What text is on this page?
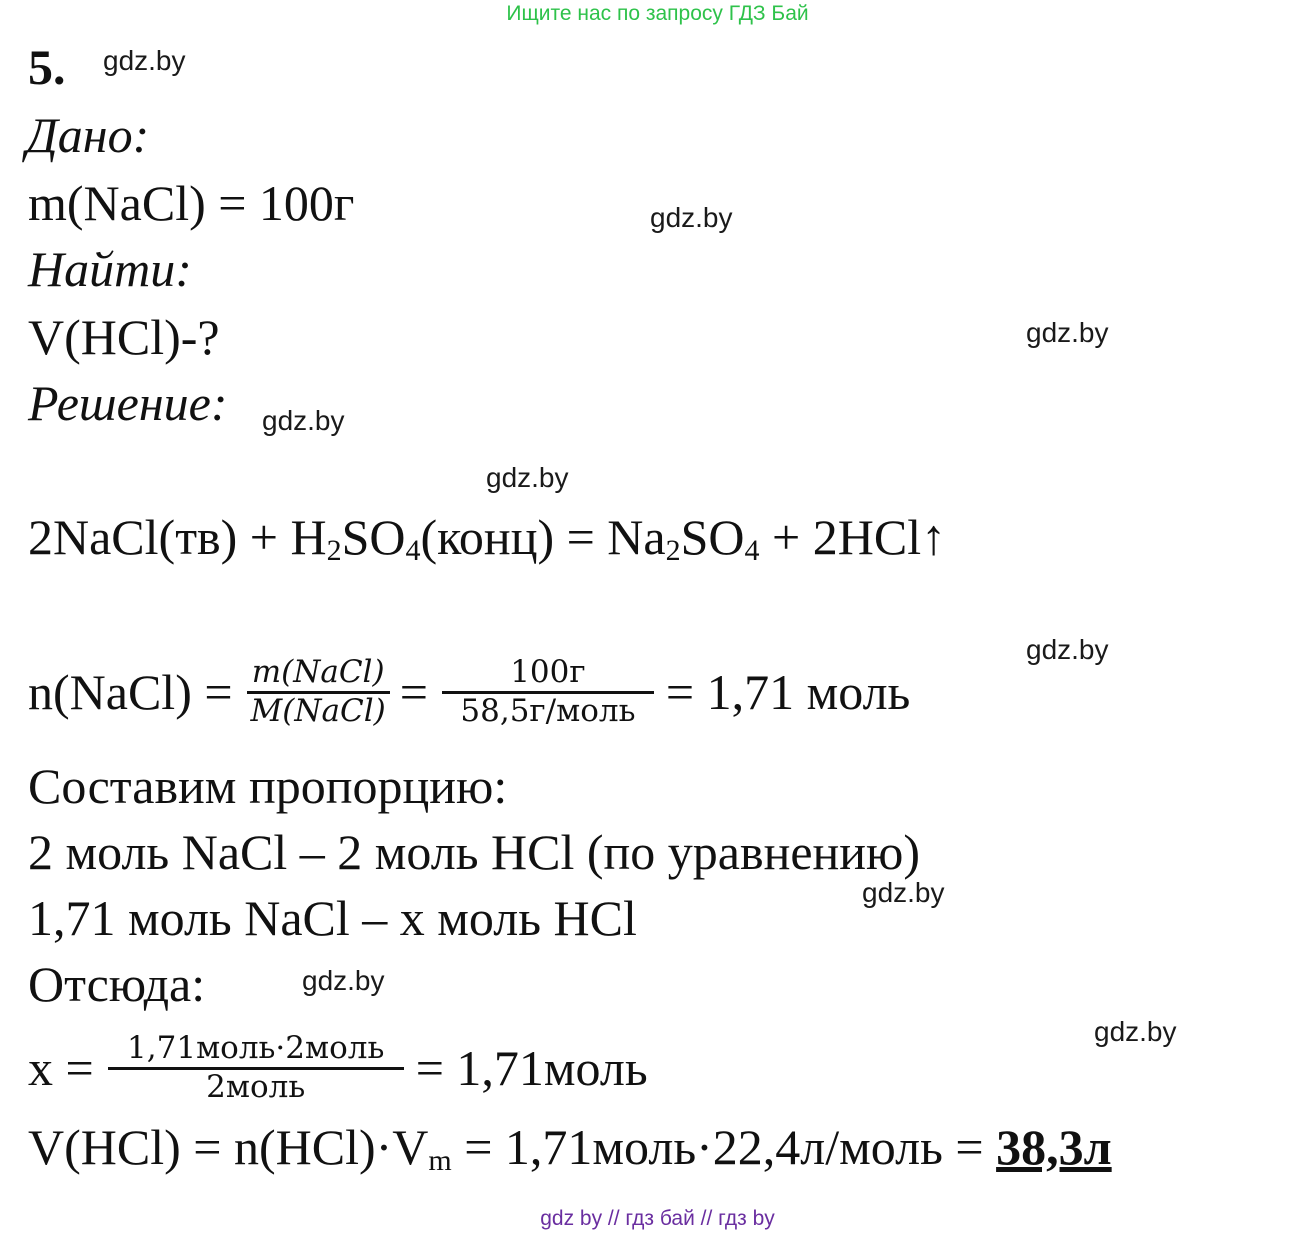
Ищите нас по запросу ГДЗ Бай
5. gdz.by
Дано:
m(NaCl) = 100г	gdz.by
Найти:
V(HCl)-?	gdz.by
Решение: gdz.by
gdz.by
2NaCl(тв) + $H_2SO_4(конц) = Na_2SO_4$ + 2HCl↑
gdz.by
n(NaCl) = $\frac{\text{m(NaCl)}}{\text{M(NaCl)}} = \frac{100г}{\text{58,5г/моль}} = 1,71$ моль
Составим пропорцию:
2 моль NaCl – 2 моль HCl (по уравнению)
gdz.by
1,71 моль NaCl – x моль HCl
Отсюда:	gdz.by
gdz.by
$x = \frac{\text{1,71моль·2моль}}{\text{2моль}}$ = 1,71моль
$V(HCl) = n(HCl)\cdot V_m$ = 1,71моль·22,4л/моль = 38,3л
gdz by // гдз бай // гдз by
